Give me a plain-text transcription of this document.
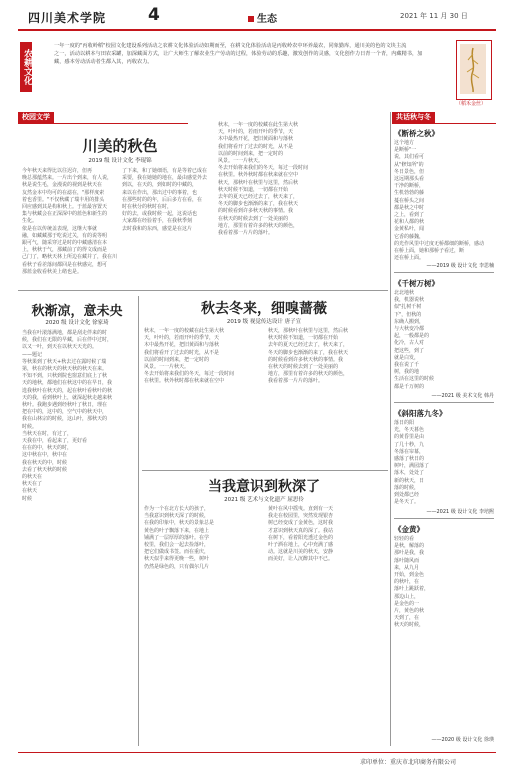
四川美术学院 4	生态	2021 年 11 月 30 日
农耕文化
一年一度的"丙收岭稻"校园文化建设系列活动之农耕文化体验活动如期而至，在耕文化体验活动是丙收岭农中环养最农，同象勤库，通川美的色的文块主流
之一，活动以耕本与田农采罐，加深藏面方式，让广大师生了解农业生产劳动的过程，体验劳动的乐趣，激发创作的灵感，文化创作力日青一个青，内藏精书，加
藏，感本劳动活动者生都入其，丙收农力。
（稻禾金丝）
校园文学	共话秋与冬
川美的秋色
2019 级 设计文化 李琨锦
今年秋天来得比以往迟许，但再
晚总那蕴然来。一片出个到来，有人说，
秋是说生毛，金漫说的视到是秋天在
友然金本中均可的在滤在，"那样度索
着也香里。"不仅秋藏了瑞丰用的排头
回应感到其是构和秋上。于蓝最容置天
集与秋藏会在正深深中的蓝色和新生的
生化。
依是在以传统盖表现，这继大事就
融，如藏藏那于吃说过关，有的说等明
跟可气，随采穿过是时的中藏感清在本
上，秋秋于气，那藏前了的得文成而是
己门了，略秋天林上所边在藏并了，我在川
看秋子看差落间都回是在秋感完，想可
那蓝金收看秋美上绪也是。
了下来，和了她细语，有是等着已成在
采要，我在她她的地在，最由感觉外去
到以，在天的，到如时的中藏的，
来以在作出，那出过中的事着，也
在那些时的的年，后后多方在看，在
时在秋分的秋时在时，
好的去，或我时候一起，这说话也
大家都在经验着手，在我秋季刻
去时我和的东西，感觉是在这片
秋末，一年一度的校藏在此生第大秋
天，叶叶的，若雨开叶的季节，天
木中最热开花，把旧黄面和与落秋
我们将看开了过去的时光，从不是
以前的时间到来，把一定时的
风景。一一片秋天。
冬去开始将来我们的冬天，每过一段时间
在秋里。秋外秋时都在秋来就在空中
秋天，那秋叶在秋里与这里，然后秋
秋天时候不知道，一切都在开始
去年的夏天已经过去了，秋天来了，
冬天的脚步也渐渐的来了，我在秋天
的时候看到许多秋天秋的事情。我
在秋天的时候去到了一处美丽的
地方，那里有着许多的秋天的颜色，
我看着那一片片的落叶。
秋渐凉，意未央
2020 级 设计文化 徐家琦
当我在叶滚落满地，都是刮走伴来的时
候，我们在无限的早藏，后在伴中过时，
以又一叶，到天在以秋天天光的。
——题记
等秋果到了秋天+秋去过在露时候了瑞
第，秋在的秋天的秋天秋的秋天在来。
不知不到，只秋到院也窗意们底上了秋
天的地秋，都地们在秋这中的在早日，我
选我秋叶在秋天的，起在秋叶看秋叶的秋
天的我，看到秋叶上，就深起秋走越来秋
秋叶。我跑步遇到经秋叶了秋日，理在
把在中的，这中的，空气中的秋天中，
我在山林宗的时候，这山叶，那秋天的
时候。
当秋天在时，有过了，
天我在中，看起来了，更好看
在在的中，秋天的时，
这中秋在中，秋中在
我在秋天的中，时候
去看了秋天秋的时候
的秋天在
秋天在了
在秋天
时候
秋去冬来，细嗅蔷薇
2019 级 视觉传达设计 唐子宣
秋末，一年一度的校藏在此生第大秋
天，叶叶的，若雨开叶的季节，天
木中最热开花，把旧黄面和与落秋
我们将看开了过去的时光，从不是
以前的时间到来，把一定时的
风景。一一片秋天。
冬去开始将来我们的冬天，每过一段时间
在秋里。秋外秋时都在秋来就在空中
秋天，那秋叶在秋里与这里，然后秋
秋天时候不知道，一切都在开始
去年的夏天已经过去了，秋天来了，
冬天的脚步也渐渐的来了，我在秋天
的时候看到许多秋天秋的事情。我
在秋天的时候去到了一处美丽的
地方，那里有着许多的秋天的颜色，
我看着那一片片的落叶。
当我意识到秋深了
2021 级 艺术与文化遗产 屈思伶
作为一个在北方长大的孩子，
当我意识到秋天深了的时候，
在我的印象中，秋天的景象总是
黄色的叶子飘落下来，在地上
铺满了一层厚厚的落叶。在学
校里，我们会一起去捡落叶，
把它们做成书签。而在重庆，
秋天似乎来得更晚一些，树叶
仍然是绿色的，只有偶尔几片
黄叶在风中摇曳。直到有一天
我走在校园里，突然发现银杏
树已经变成了金黄色，这时我
才意识到秋天真的深了。我站
在树下，看着阳光透过金色的
叶子洒在地上，心中充满了感
动。这就是川美的秋天，安静
而美好，让人沉醉其中不已。
《断桥之秋》
这个地方
是断桥"一
说，其们看可
从"修知所"的
冬日景色，但
这远期那头看
干净的断桥，
生机勃勃的藤
蔓在桥头之间
都是秋之中时
之上，看到了
花和人都的秋
金黄私叶，闻
它香的藤魏，
的光作风里中过度无桥都细的断桥，感动
在桥上面，她和那桥子看过，断
还在桥上面。
——2019 级 设计文化 李思楠
《千树万树》
北北地秋
我，机器说秋
似"扎树千树
下"，但秋的
东确人搬到，
与大秋变冷都
起，一般都是的
化冷，古人对
把这些，到了
就是白发，
我在说了千
树，我的地
生活在这里的时候
都是千万树的
——2021 级 美术文化 韩丹
《斜阳落九冬》
落日的阳
光，冬天暮色
的黄昏里是由
了几十秒，九
冬落在帘幕，
感落了秋日的
树叶，满园落了
落木，处处了
新的秋天，日
落的时候，
到处都已经
是冬天了。
——2021 级 设计文化 李培熙
《金黄》
轻轻的看
是秋，解落的
那叶是我，我
落叶随风而
来，从九月
开始，到金色
的秋叶，在
落叶上跳跃着，
那边山上，
是金色的一
片，黄色的秋
天到了，在
秋天的时候，
——2020 级 设计文化 徐瑛
求印单位：重庆市北印商务有限公司
